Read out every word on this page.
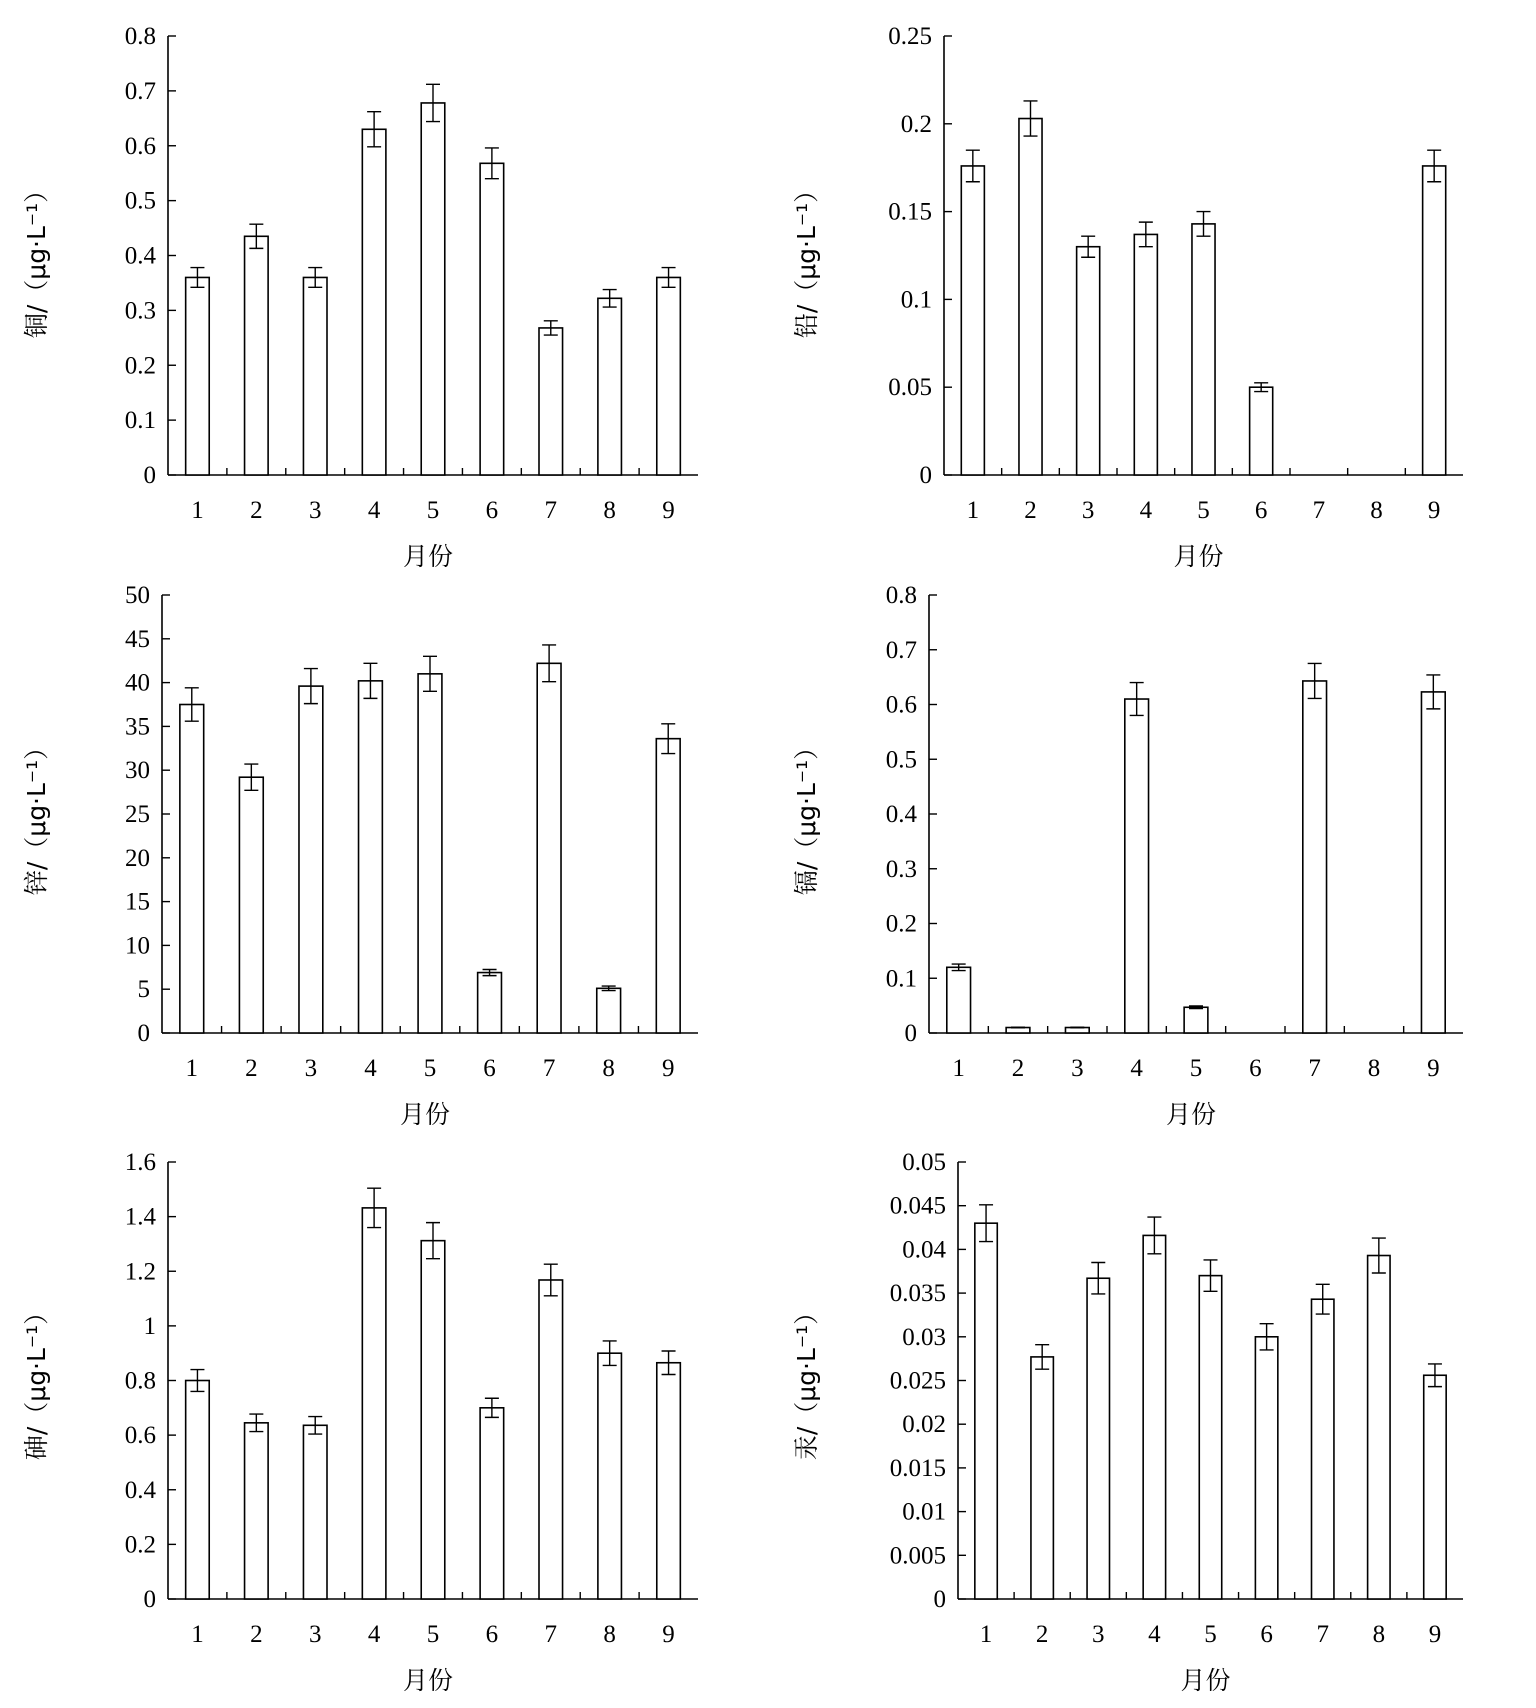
0
0.1
0.2
0.3
0.4
0.5
0.6
0.7
0.8
1 2 3 4 5 6 7 8 9
月份
铜/（μg·L⁻¹）
0
0.05
0.1
0.15
0.2
0.25
1 2 3 4 5 6 7 8 9
月份
铅/（μg·L⁻¹）
0
5
10
15
20
25
30
35
40
45
50
1 2 3 4 5 6 7 8 9
月份
锌/（μg·L⁻¹）
0
0.1
0.2
0.3
0.4
0.5
0.6
0.7
0.8
1 2 3 4 5 6 7 8 9
月份
镉/（μg·L⁻¹）
0
0.2
0.4
0.6
0.8
1
1.2
1.4
1.6
1 2 3 4 5 6 7 8 9
月份
砷/（μg·L⁻¹）
0
0.005
0.01
0.015
0.02
0.025
0.03
0.035
0.04
0.045
0.05
1 2 3 4 5 6 7 8 9
月份
汞/（μg·L⁻¹）
